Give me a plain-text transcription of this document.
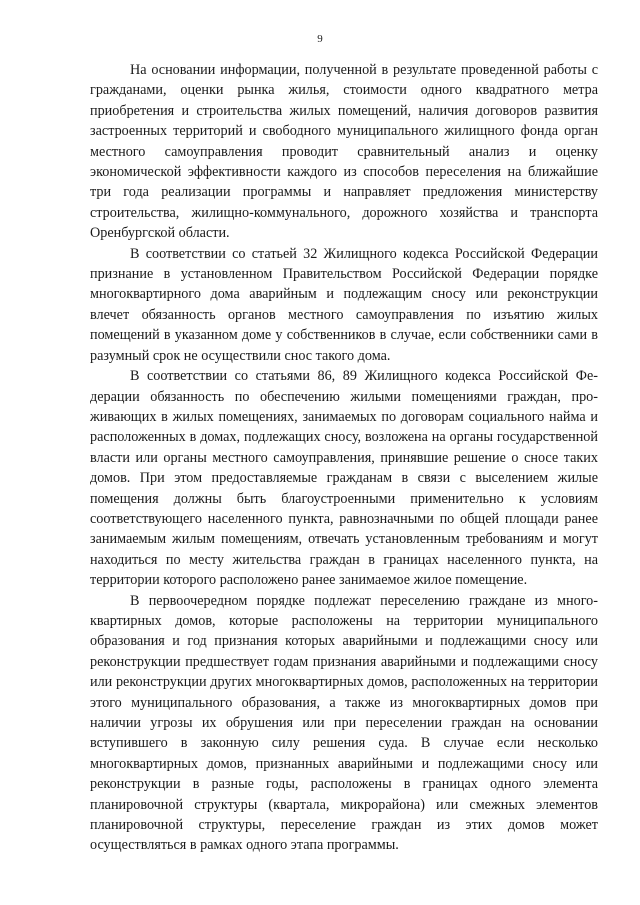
9

На основании информации, полученной в результате проведенной работы с гражданами, оценки рынка жилья, стоимости одного квадратного метра приобретения и строительства жилых помещений, наличия договоров развития застроенных территорий и свободного муниципального жилищного фонда орган местного самоуправления проводит сравнительный анализ и оценку экономической эффективности каждого из способов переселения на ближайшие три года реализации программы и направляет предложения министерству строительства, жилищно-коммунального, дорожного хозяйства и транспорта Оренбургской области.

В соответствии со статьей 32 Жилищного кодекса Российской Федерации признание в установленном Правительством Российской Федерации порядке многоквартирного дома аварийным и подлежащим сносу или реконструкции влечет обязанность органов местного самоуправления по изъятию жилых помещений в указанном доме у собственников в случае, если собственники сами в разумный срок не осуществили снос такого дома.

В соответствии со статьями 86, 89 Жилищного кодекса Российской Федерации обязанность по обеспечению жилыми помещениями граждан, проживающих в жилых помещениях, занимаемых по договорам социального найма и расположенных в домах, подлежащих сносу, возложена на органы государственной власти или органы местного самоуправления, принявшие решение о сносе таких домов. При этом предоставляемые гражданам в связи с выселением жилые помещения должны быть благоустроенными применительно к условиям соответствующего населенного пункта, равнозначными по общей площади ранее занимаемым жилым помещениям, отвечать установленным требованиям и могут находиться по месту жительства граждан в границах населенного пункта, на территории которого расположено ранее занимаемое жилое помещение.

В первоочередном порядке подлежат переселению граждане из многоквартирных домов, которые расположены на территории муниципального образования и год признания которых аварийными и подлежащими сносу или реконструкции предшествует годам признания аварийными и подлежащими сносу или реконструкции других многоквартирных домов, расположенных на территории этого муниципального образования, а также из многоквартирных домов при наличии угрозы их обрушения или при переселении граждан на основании вступившего в законную силу решения суда. В случае если несколько многоквартирных домов, признанных аварийными и подлежащими сносу или реконструкции в разные годы, расположены в границах одного элемента планировочной структуры (квартала, микрорайона) или смежных элементов планировочной структуры, переселение граждан из этих домов может осуществляться в рамках одного этапа программы.
